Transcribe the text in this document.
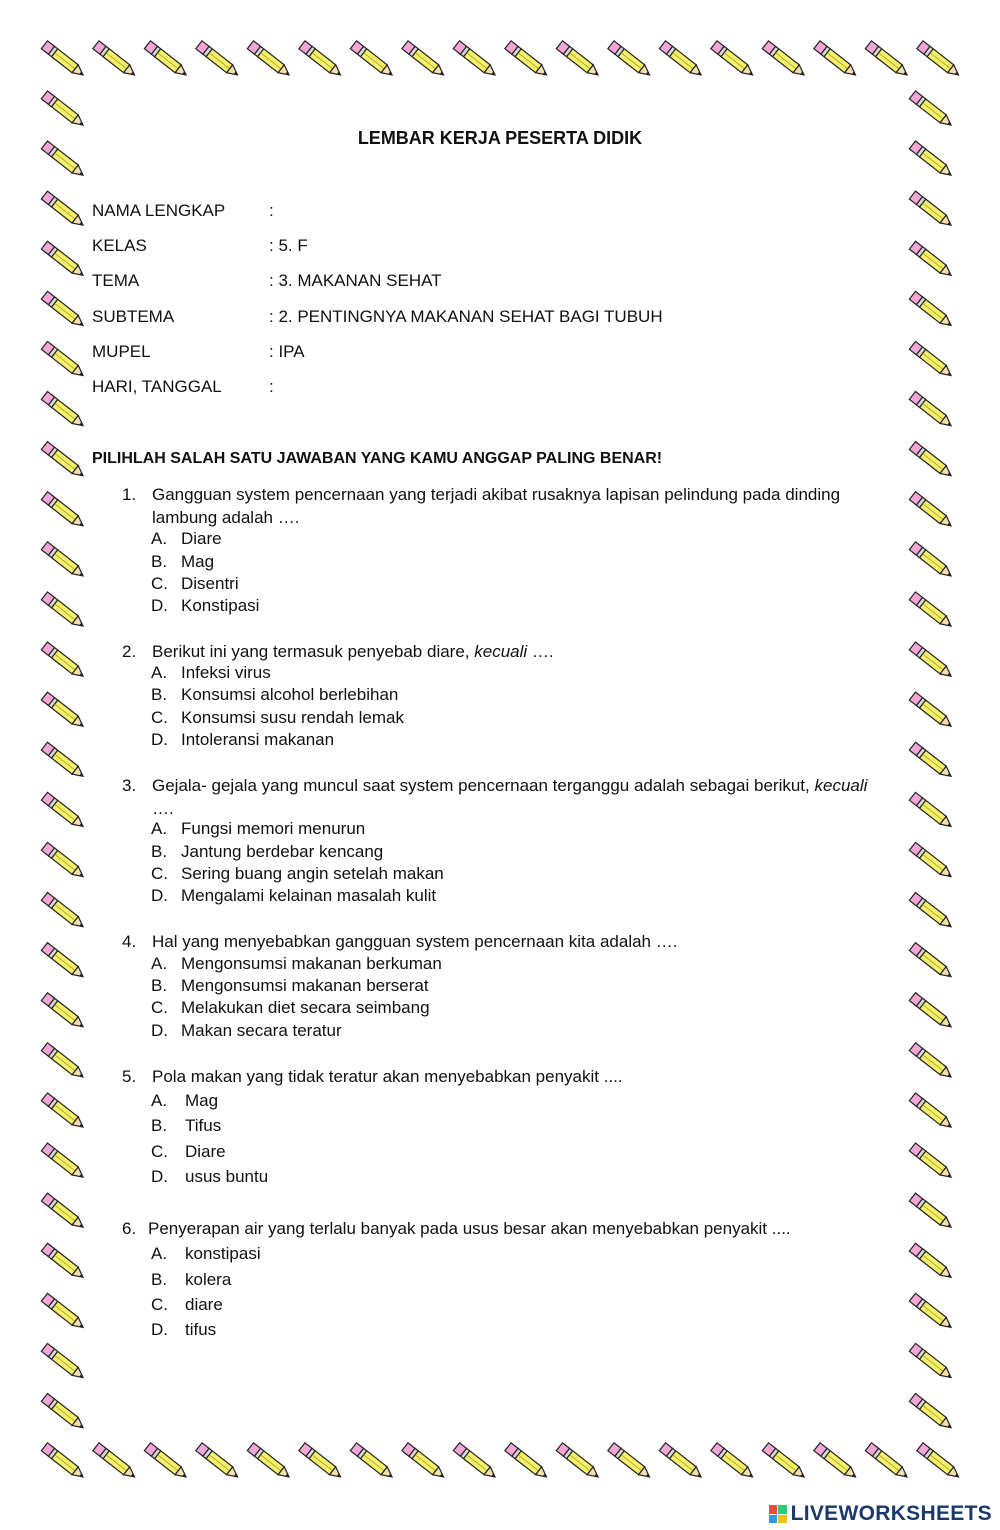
LEMBAR KERJA PESERTA DIDIK
NAMA LENGKAP	:
KELAS	: 5. F
TEMA	: 3. MAKANAN SEHAT
SUBTEMA	: 2. PENTINGNYA MAKANAN SEHAT BAGI TUBUH
MUPEL	: IPA
HARI, TANGGAL	:
PILIHLAH SALAH SATU JAWABAN YANG KAMU ANGGAP PALING BENAR!
1. Gangguan system pencernaan yang terjadi akibat rusaknya lapisan pelindung pada dinding lambung adalah ….
A. Diare
B. Mag
C. Disentri
D. Konstipasi
2. Berikut ini yang termasuk penyebab diare, kecuali ….
A. Infeksi virus
B. Konsumsi alcohol berlebihan
C. Konsumsi susu rendah lemak
D. Intoleransi makanan
3. Gejala- gejala yang muncul saat system pencernaan terganggu adalah sebagai berikut, kecuali ….
A. Fungsi memori menurun
B. Jantung berdebar kencang
C. Sering buang angin setelah makan
D. Mengalami kelainan masalah kulit
4. Hal yang menyebabkan gangguan system pencernaan kita adalah ….
A. Mengonsumsi makanan berkuman
B. Mengonsumsi makanan berserat
C. Melakukan diet secara seimbang
D. Makan secara teratur
5. Pola makan yang tidak teratur akan menyebabkan penyakit ....
A. Mag
B. Tifus
C. Diare
D. usus buntu
6. Penyerapan air yang terlalu banyak pada usus besar akan menyebabkan penyakit ....
A. konstipasi
B. kolera
C. diare
D. tifus
LIVEWORKSHEETS
